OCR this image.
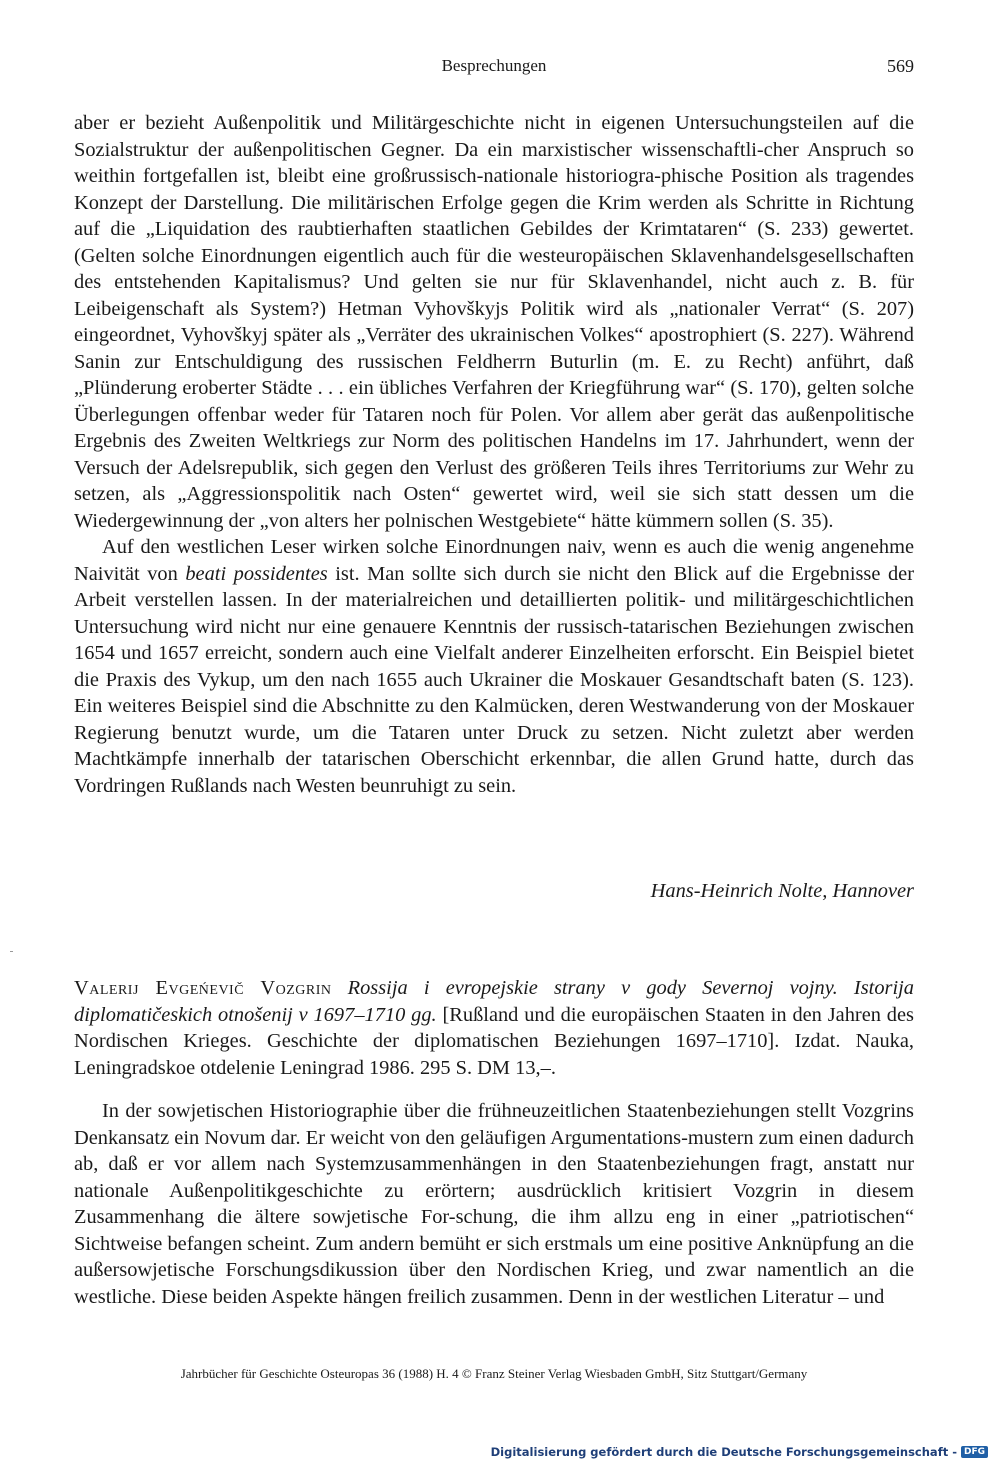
Besprechungen	569

aber er bezieht Außenpolitik und Militärgeschichte nicht in eigenen Untersuchungsteilen auf die Sozialstruktur der außenpolitischen Gegner. Da ein marxistischer wissenschaftli-cher Anspruch so weithin fortgefallen ist, bleibt eine großrussisch-nationale historiogra-phische Position als tragendes Konzept der Darstellung. Die militärischen Erfolge gegen die Krim werden als Schritte in Richtung auf die „Liquidation des raubtierhaften staatlichen Gebildes der Krimtataren“ (S. 233) gewertet. (Gelten solche Einordnungen eigentlich auch für die westeuropäischen Sklavenhandelsgesellschaften des entstehenden Kapitalismus? Und gelten sie nur für Sklavenhandel, nicht auch z. B. für Leibeigenschaft als System?) Hetman Vyhovškyjs Politik wird als „nationaler Verrat“ (S. 207) eingeordnet, Vyhovškyj später als „Verräter des ukrainischen Volkes“ apostrophiert (S. 227). Während Sanin zur Entschuldigung des russischen Feldherrn Buturlin (m. E. zu Recht) anführt, daß „Plünderung eroberter Städte . . . ein übliches Verfahren der Kriegführung war“ (S. 170), gelten solche Überlegungen offenbar weder für Tataren noch für Polen. Vor allem aber gerät das außenpolitische Ergebnis des Zweiten Weltkriegs zur Norm des politischen Handelns im 17. Jahrhundert, wenn der Versuch der Adelsrepublik, sich gegen den Verlust des größeren Teils ihres Territoriums zur Wehr zu setzen, als „Aggressionspolitik nach Osten“ gewertet wird, weil sie sich statt dessen um die Wiedergewinnung der „von alters her polnischen Westgebiete“ hätte kümmern sollen (S. 35).

Auf den westlichen Leser wirken solche Einordnungen naiv, wenn es auch die wenig angenehme Naivität von beati possidentes ist. Man sollte sich durch sie nicht den Blick auf die Ergebnisse der Arbeit verstellen lassen. In der materialreichen und detaillierten politik- und militärgeschichtlichen Untersuchung wird nicht nur eine genauere Kenntnis der russisch-tatarischen Beziehungen zwischen 1654 und 1657 erreicht, sondern auch eine Vielfalt anderer Einzelheiten erforscht. Ein Beispiel bietet die Praxis des Vykup, um den nach 1655 auch Ukrainer die Moskauer Gesandtschaft baten (S. 123). Ein weiteres Beispiel sind die Abschnitte zu den Kalmücken, deren Westwanderung von der Moskauer Regierung benutzt wurde, um die Tataren unter Druck zu setzen. Nicht zuletzt aber werden Machtkämpfe innerhalb der tatarischen Oberschicht erkennbar, die allen Grund hatte, durch das Vordringen Rußlands nach Westen beunruhigt zu sein.

Hans-Heinrich Nolte, Hannover
Valerij Evgeńevič Vozgrin Rossija i evropejskie strany v gody Severnoj vojny. Istorija diplomatičeskich otnošenij v 1697–1710 gg. [Rußland und die europäischen Staaten in den Jahren des Nordischen Krieges. Geschichte der diplomatischen Beziehungen 1697–1710]. Izdat. Nauka, Leningradskoe otdelenie Leningrad 1986. 295 S. DM 13,–.

In der sowjetischen Historiographie über die frühneuzeitlichen Staatenbeziehungen stellt Vozgrins Denkansatz ein Novum dar. Er weicht von den geläufigen Argumentations-mustern zum einen dadurch ab, daß er vor allem nach Systemzusammenhängen in den Staatenbeziehungen fragt, anstatt nur nationale Außenpolitikgeschichte zu erörtern; ausdrücklich kritisiert Vozgrin in diesem Zusammenhang die ältere sowjetische For-schung, die ihm allzu eng in einer „patriotischen“ Sichtweise befangen scheint. Zum andern bemüht er sich erstmals um eine positive Anknüpfung an die außersowjetische Forschungsdikussion über den Nordischen Krieg, und zwar namentlich an die westliche. Diese beiden Aspekte hängen freilich zusammen. Denn in der westlichen Literatur – und

Jahrbücher für Geschichte Osteuropas 36 (1988) H. 4 © Franz Steiner Verlag Wiesbaden GmbH, Sitz Stuttgart/Germany
Digitalisierung gefördert durch die Deutsche Forschungsgemeinschaft - DFG
